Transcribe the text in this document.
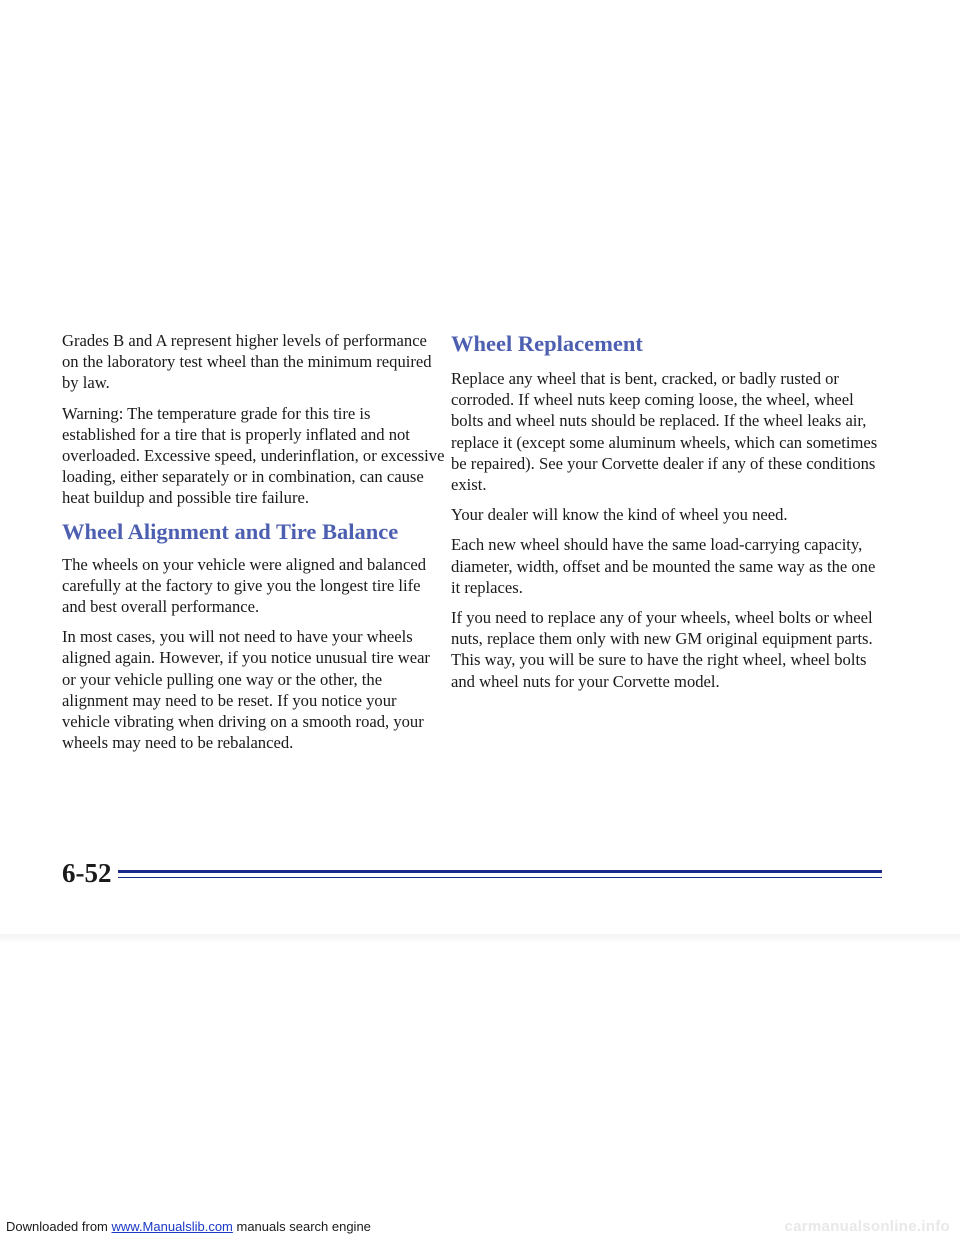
Grades B and A represent higher levels of performance on the laboratory test wheel than the minimum required by law.

Warning: The temperature grade for this tire is established for a tire that is properly inflated and not overloaded. Excessive speed, underinflation, or excessive loading, either separately or in combination, can cause heat buildup and possible tire failure.

Wheel Alignment and Tire Balance

The wheels on your vehicle were aligned and balanced carefully at the factory to give you the longest tire life and best overall performance.

In most cases, you will not need to have your wheels aligned again. However, if you notice unusual tire wear or your vehicle pulling one way or the other, the alignment may need to be reset. If you notice your vehicle vibrating when driving on a smooth road, your wheels may need to be rebalanced.

Wheel Replacement

Replace any wheel that is bent, cracked, or badly rusted or corroded. If wheel nuts keep coming loose, the wheel, wheel bolts and wheel nuts should be replaced. If the wheel leaks air, replace it (except some aluminum wheels, which can sometimes be repaired). See your Corvette dealer if any of these conditions exist.

Your dealer will know the kind of wheel you need.

Each new wheel should have the same load-carrying capacity, diameter, width, offset and be mounted the same way as the one it replaces.

If you need to replace any of your wheels, wheel bolts or wheel nuts, replace them only with new GM original equipment parts. This way, you will be sure to have the right wheel, wheel bolts and wheel nuts for your Corvette model.

6-52
Downloaded from www.Manualslib.com manuals search engine	carmanualsonline.info
